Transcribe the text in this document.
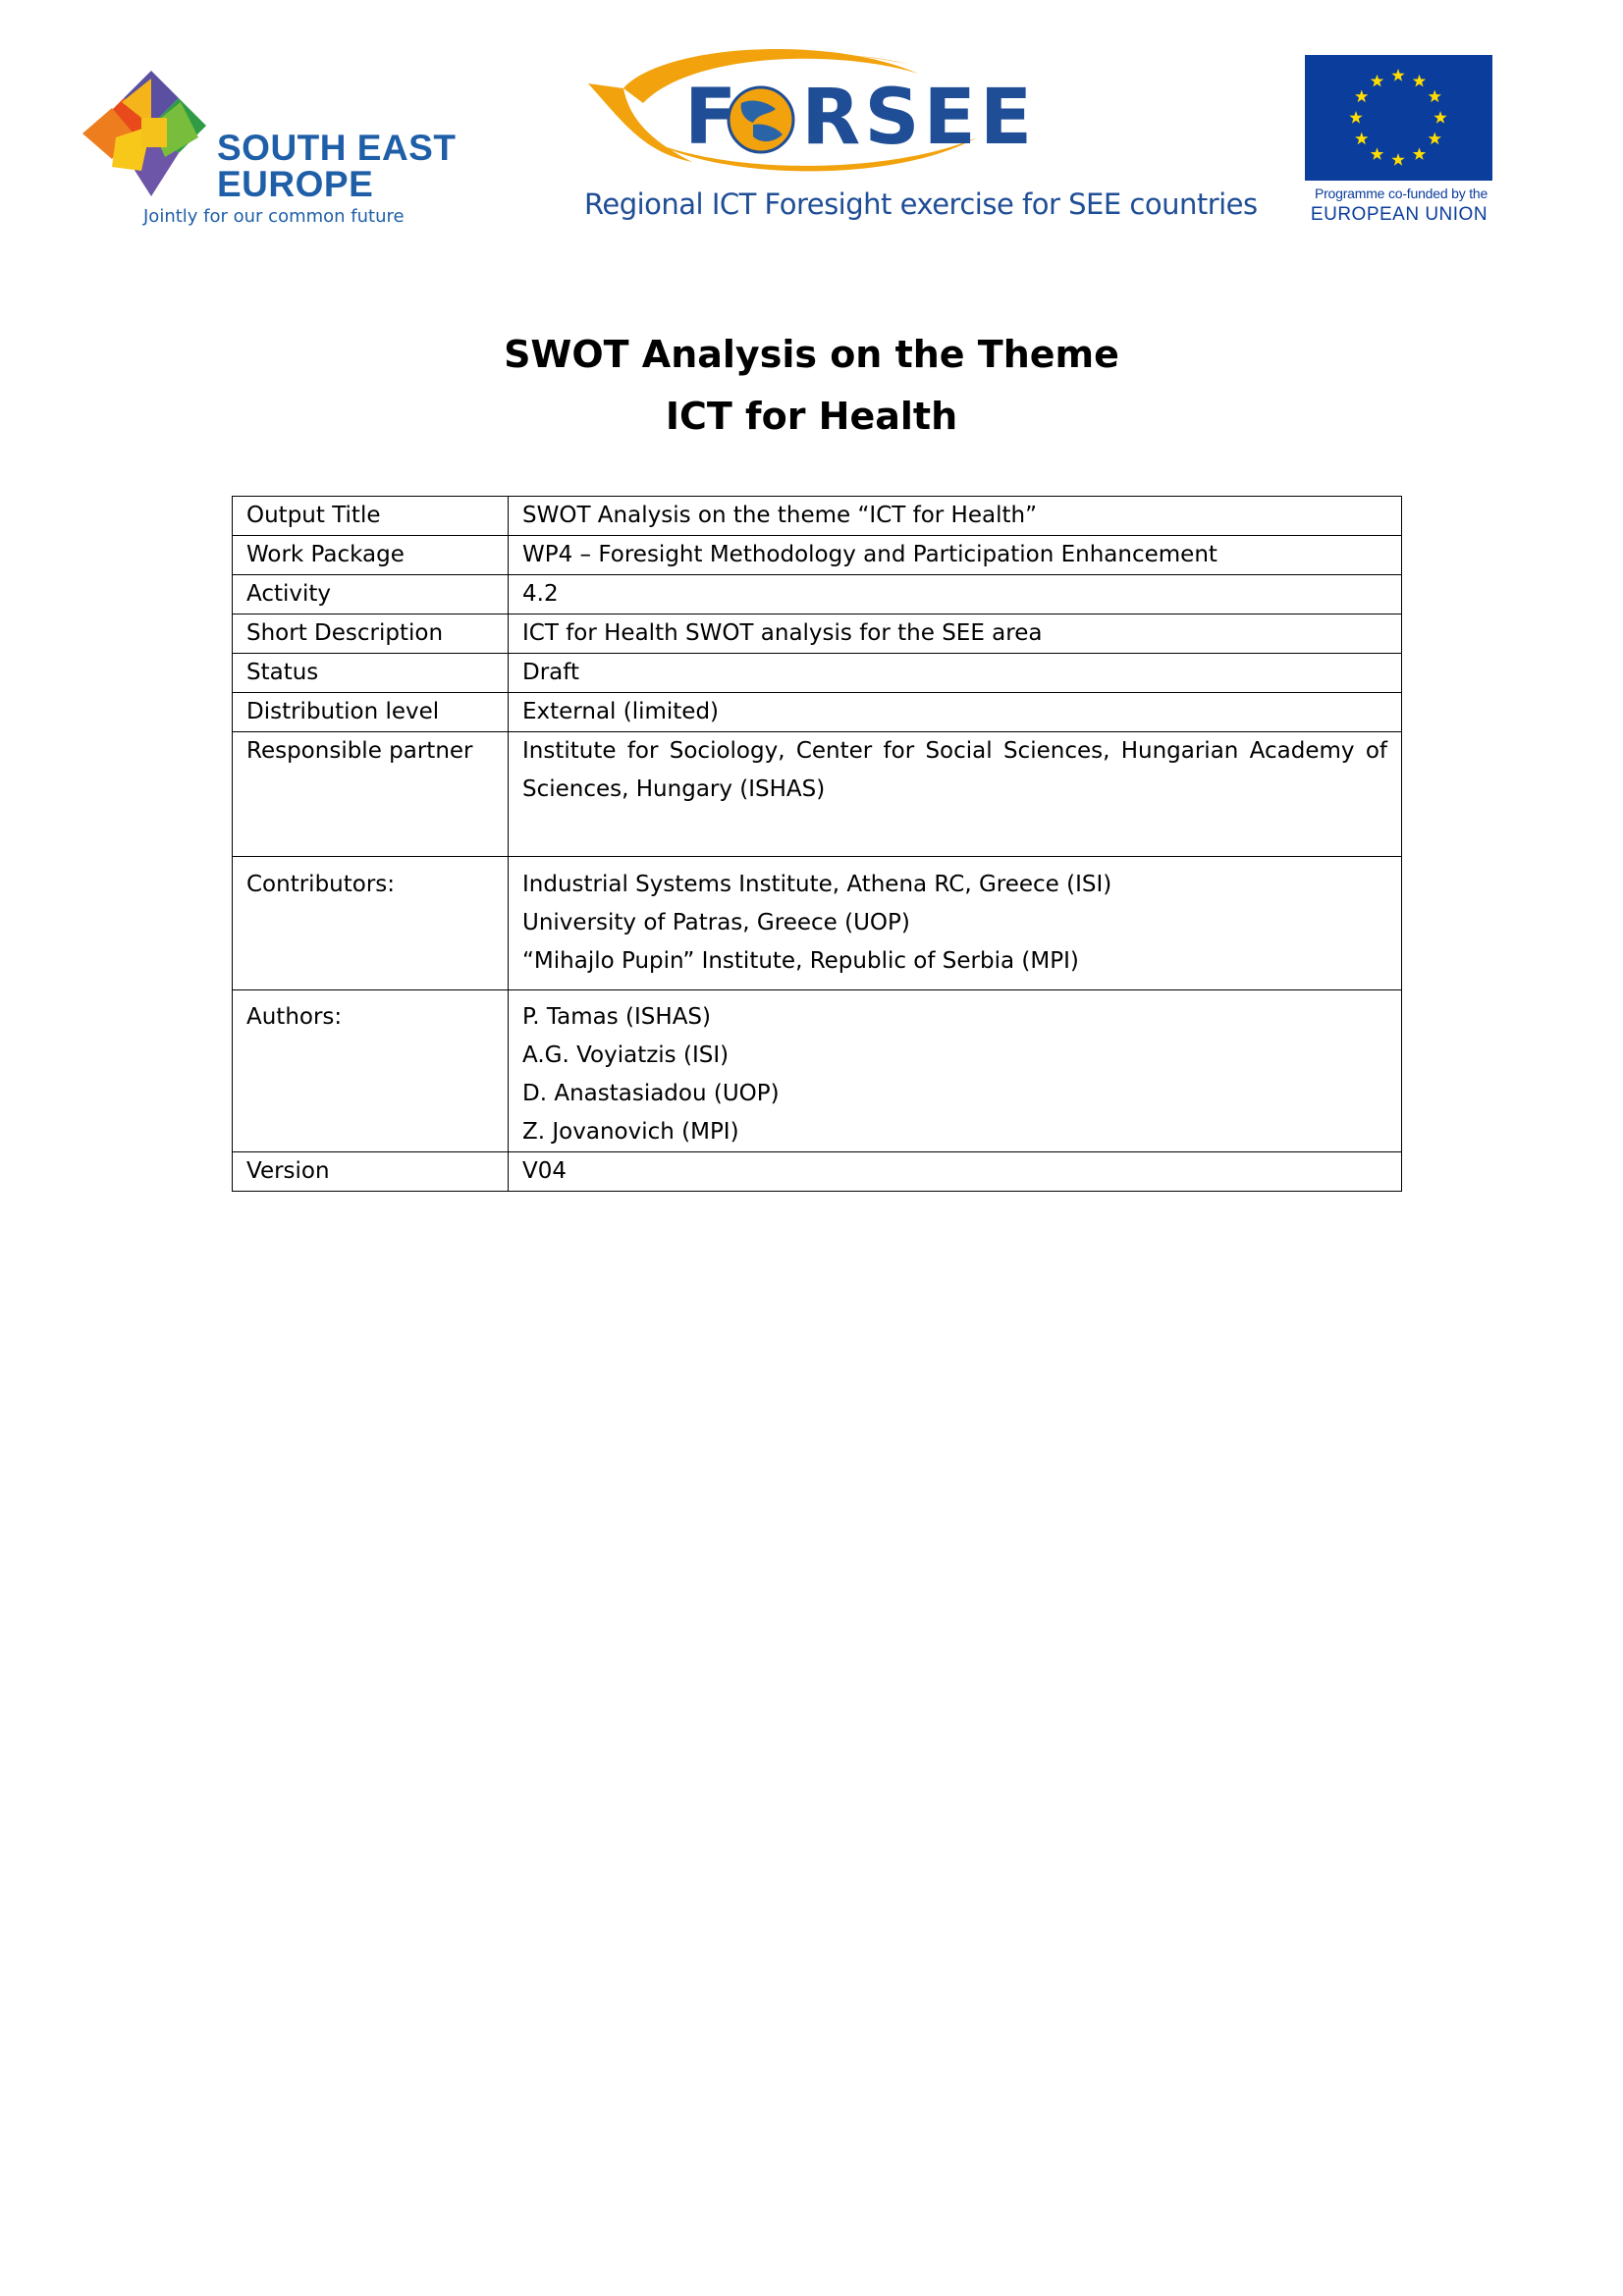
SOUTH EAST
EUROPE
Jointly for our common future
F RSEE
Regional ICT Foresight exercise for SEE countries	Programme co-funded by the
EUROPEAN UNION
SWOT Analysis on the Theme
ICT for Health
Output Title	SWOT Analysis on the theme “ICT for Health”
Work Package	WP4 – Foresight Methodology and Participation Enhancement
Activity	4.2
Short Description	ICT for Health SWOT analysis for the SEE area
Status	Draft
Distribution level	External (limited)
Responsible partner	Institute for Sociology, Center for Social Sciences, Hungarian Academy of
Sciences, Hungary (ISHAS)

Contributors:	Industrial Systems Institute, Athena RC, Greece (ISI)
University of Patras, Greece (UOP)
“Mihajlo Pupin” Institute, Republic of Serbia (MPI)

Authors:	P. Tamas (ISHAS)
A.G. Voyiatzis (ISI)
D. Anastasiadou (UOP)
Z. Jovanovich (MPI)

Version	V04
